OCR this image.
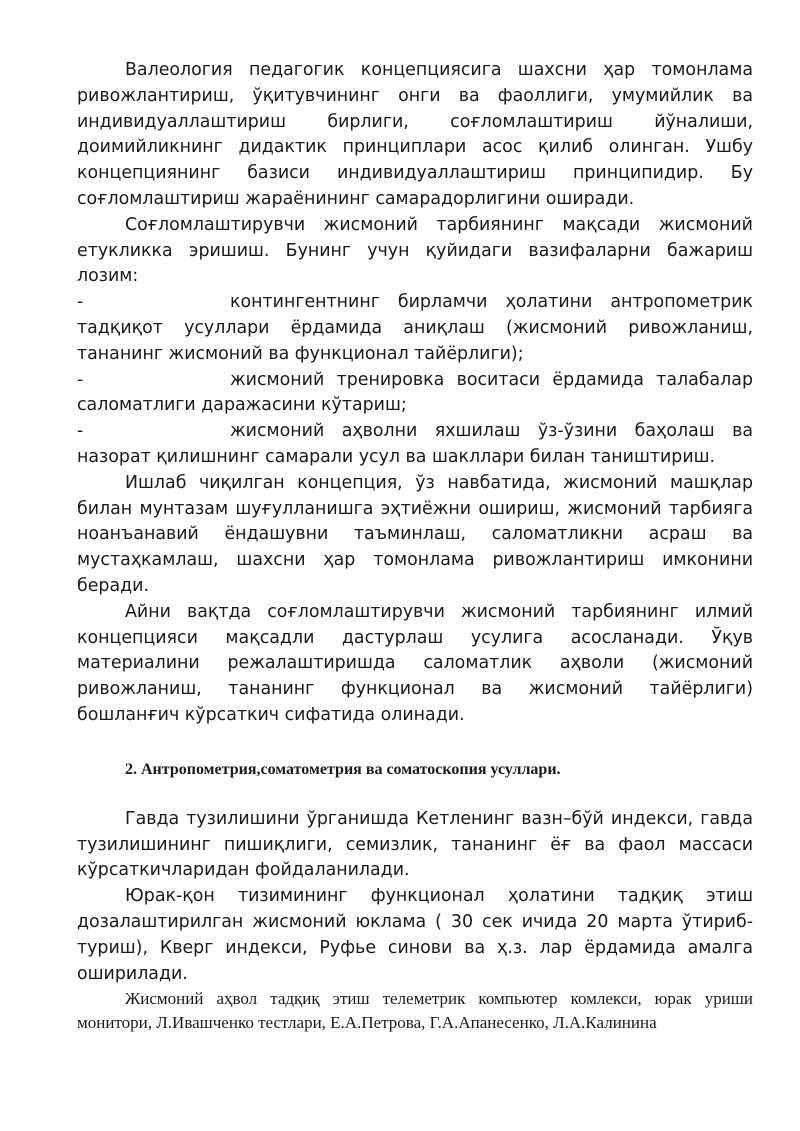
Валеология педагогик концепциясига шахсни ҳар томонлама ривожлантириш, ўқитувчининг онги ва фаоллиги, умумийлик ва индивидуаллаштириш бирлиги, соғломлаштириш йўналиши, доимийликнинг дидактик принциплари асос қилиб олинган. Ушбу концепциянинг базиси индивидуаллаштириш принципидир. Бу соғломлаштириш жараёнининг самарадорлигини оширади.

Соғломлаштирувчи жисмоний тарбиянинг мақсади жисмоний етукликка эришиш. Бунинг учун қуйидаги вазифаларни бажариш лозим:

-	контингентнинг бирламчи ҳолатини антропометрик

тадқиқот усуллари ёрдамида аниқлаш (жисмоний ривожланиш, тананинг жисмоний ва функционал тайёрлиги);

-	жисмоний тренировка воситаси ёрдамида талабалар

саломатлиги даражасини кўтариш;

-	жисмоний аҳволни яхшилаш ўз-ўзини баҳолаш ва

назорат қилишнинг самарали усул ва шакллари билан таништириш.

Ишлаб чиқилган концепция, ўз навбатида, жисмоний машқлар билан мунтазам шуғулланишга эҳтиёжни ошириш, жисмоний тарбияга ноанъанавий ёндашувни таъминлаш, саломатликни асраш ва мустаҳкамлаш, шахсни ҳар томонлама ривожлантириш имконини беради.

Айни вақтда соғломлаштирувчи жисмоний тарбиянинг илмий концепцияси мақсадли дастурлаш усулига асосланади. Ўқув материалини режалаштиришда саломатлик аҳволи (жисмоний ривожланиш, тананинг функционал ва жисмоний тайёрлиги) бошланғич кўрсаткич сифатида олинади.

2. Антропометрия,соматометрия ва соматоскопия усуллари.

Гавда тузилишини ўрганишда Кетленинг вазн–бўй индекси, гавда тузилишининг пишиқлиги, семизлик, тананинг ёғ ва фаол массаси кўрсаткичларидан фойдаланилади.

Юрак-қон тизимининг функционал ҳолатини тадқиқ этиш дозалаштирилган жисмоний юклама ( 30 сек ичида 20 марта ўтириб-туриш), Кверг индекси, Руфье синови ва ҳ.з. лар ёрдамида амалга оширилади.

Жисмоний аҳвол тадқиқ этиш телеметрик компьютер комлекси, юрак уриши монитори, Л.Ивашченко тестлари, Е.А.Петрова, Г.А.Апанесенко, Л.А.Калинина
